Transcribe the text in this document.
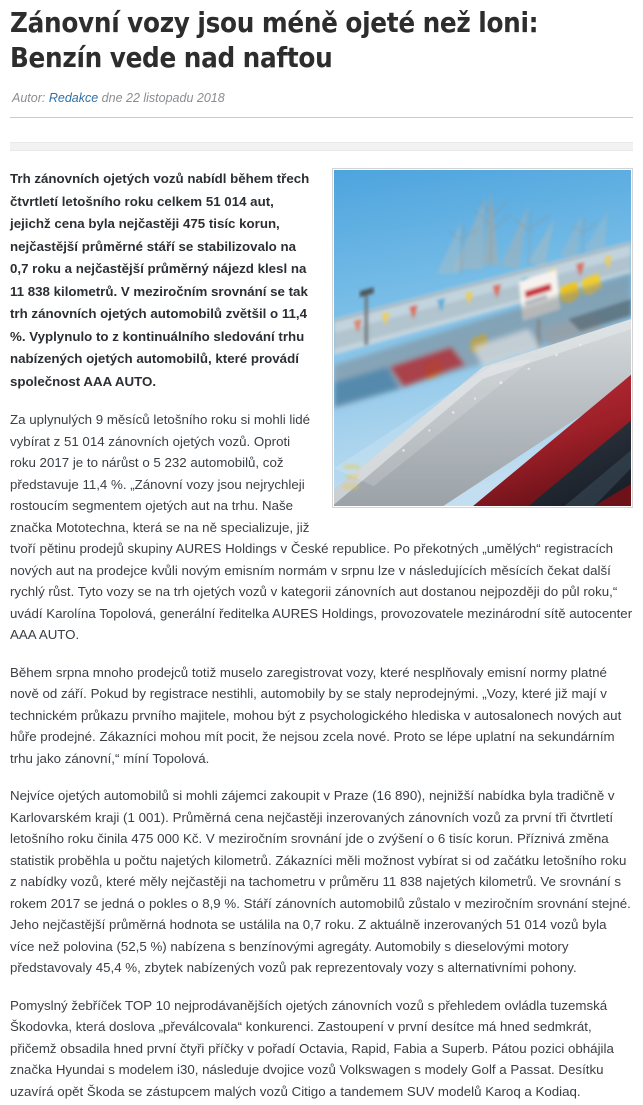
Zánovní vozy jsou méně ojeté než loni: Benzín vede nad naftou

Autor: Redakce dne 22 listopadu 2018

Trh zánovních ojetých vozů nabídl během třech čtvrtletí letošního roku celkem 51 014 aut, jejichž cena byla nejčastěji 475 tisíc korun, nejčastější průměrné stáří se stabilizovalo na 0,7 roku a nejčastější průměrný nájezd klesl na 11 838 kilometrů. V meziročním srovnání se tak trh zánovních ojetých automobilů zvětšil o 11,4 %. Vyplynulo to z kontinuálního sledování trhu nabízených ojetých automobilů, které provádí společnost AAA AUTO.

Za uplynulých 9 měsíců letošního roku si mohli lidé vybírat z 51 014 zánovních ojetých vozů. Oproti roku 2017 je to nárůst o 5 232 automobilů, což představuje 11,4 %. „Zánovní vozy jsou nejrychleji rostoucím segmentem ojetých aut na trhu. Naše značka Mototechna, která se na ně specializuje, již tvoří pětinu prodejů skupiny AURES Holdings v České republice. Po překotných „umělých“ registracích nových aut na prodejce kvůli novým emisním normám v srpnu lze v následujících měsících čekat další rychlý růst. Tyto vozy se na trh ojetých vozů v kategorii zánovních aut dostanou nejpozději do půl roku,“ uvádí Karolína Topolová, generální ředitelka AURES Holdings, provozovatele mezinárodní sítě autocenter AAA AUTO.

Během srpna mnoho prodejců totiž muselo zaregistrovat vozy, které nesplňovaly emisní normy platné nově od září. Pokud by registrace nestihli, automobily by se staly neprodejnými. „Vozy, které již mají v technickém průkazu prvního majitele, mohou být z psychologického hlediska v autosalonech nových aut hůře prodejné. Zákazníci mohou mít pocit, že nejsou zcela nové. Proto se lépe uplatní na sekundárním trhu jako zánovní,“ míní Topolová.

Nejvíce ojetých automobilů si mohli zájemci zakoupit v Praze (16 890), nejnižší nabídka byla tradičně v Karlovarském kraji (1 001). Průměrná cena nejčastěji inzerovaných zánovních vozů za první tři čtvrtletí letošního roku činila 475 000 Kč. V meziročním srovnání jde o zvýšení o 6 tisíc korun. Příznivá změna statistik proběhla u počtu najetých kilometrů. Zákazníci měli možnost vybírat si od začátku letošního roku z nabídky vozů, které měly nejčastěji na tachometru v průměru 11 838 najetých kilometrů. Ve srovnání s rokem 2017 se jedná o pokles o 8,9 %. Stáří zánovních automobilů zůstalo v meziročním srovnání stejné. Jeho nejčastější průměrná hodnota se ustálila na 0,7 roku. Z aktuálně inzerovaných 51 014 vozů byla více než polovina (52,5 %) nabízena s benzínovými agregáty. Automobily s dieselovými motory představovaly 45,4 %, zbytek nabízených vozů pak reprezentovaly vozy s alternativními pohony.

Pomyslný žebříček TOP 10 nejprodávanějších ojetých zánovních vozů s přehledem ovládla tuzemská Škodovka, která doslova „převálcovala“ konkurenci. Zastoupení v první desítce má hned sedmkrát, přičemž obsadila hned první čtyři příčky v pořadí Octavia, Rapid, Fabia a Superb. Pátou pozici obhájila značka Hyundai s modelem i30, následuje dvojice vozů Volkswagen s modely Golf a Passat. Desítku uzavírá opět Škoda se zástupcem malých vozů Citigo a tandemem SUV modelů Karoq a Kodiaq.
